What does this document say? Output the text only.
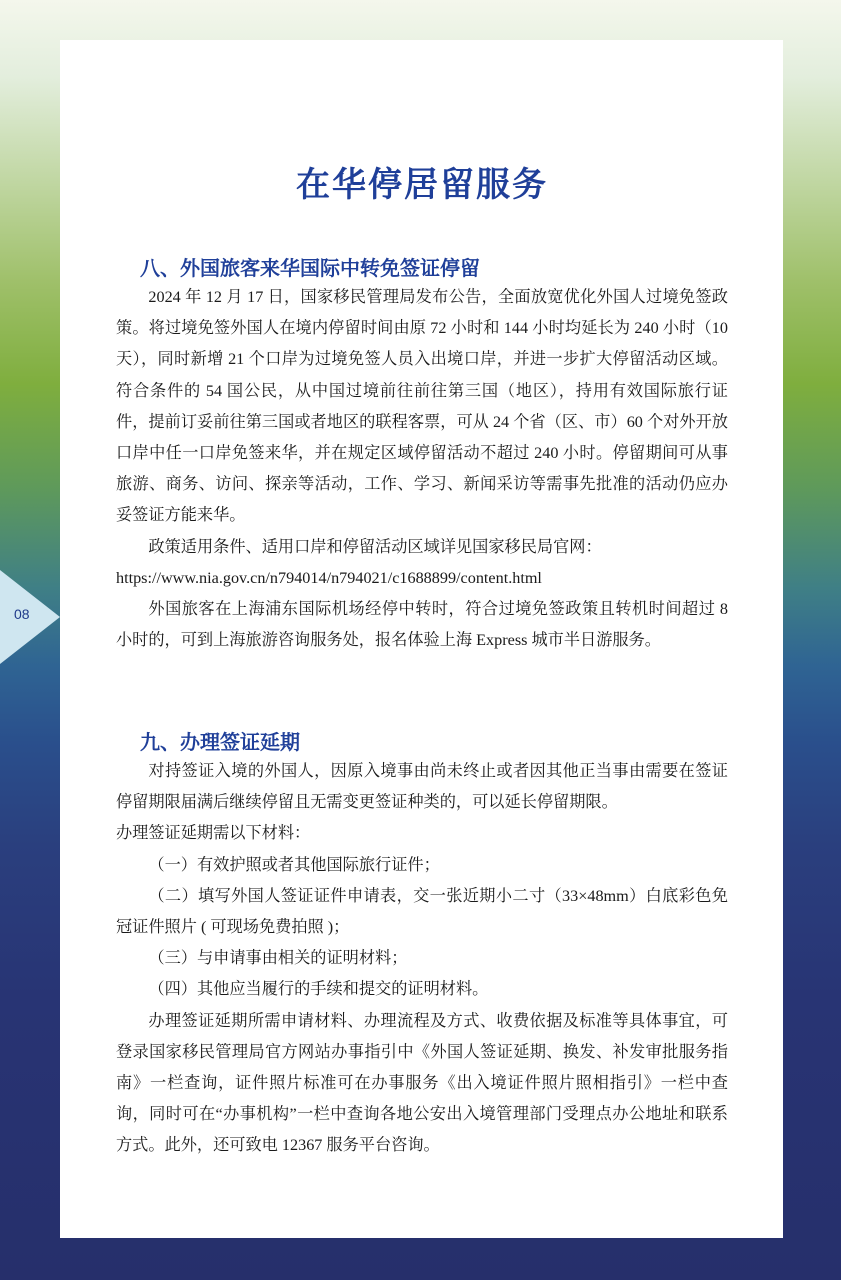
08
在华停居留服务
八、外国旅客来华国际中转免签证停留

2024 年 12 月 17 日，国家移民管理局发布公告，全面放宽优化外国人过境免签政策。将过境免签外国人在境内停留时间由原 72 小时和 144 小时均延长为 240 小时（10 天），同时新增 21 个口岸为过境免签人员入出境口岸，并进一步扩大停留活动区域。符合条件的 54 国公民，从中国过境前往前往第三国（地区），持用有效国际旅行证件，提前订妥前往第三国或者地区的联程客票，可从 24 个省（区、市）60 个对外开放口岸中任一口岸免签来华，并在规定区域停留活动不超过 240 小时。停留期间可从事旅游、商务、访问、探亲等活动，工作、学习、新闻采访等需事先批准的活动仍应办妥签证方能来华。

政策适用条件、适用口岸和停留活动区域详见国家移民局官网：

https://www.nia.gov.cn/n794014/n794021/c1688899/content.html

外国旅客在上海浦东国际机场经停中转时，符合过境免签政策且转机时间超过 8 小时的，可到上海旅游咨询服务处，报名体验上海 Express 城市半日游服务。

九、办理签证延期

对持签证入境的外国人，因原入境事由尚未终止或者因其他正当事由需要在签证停留期限届满后继续停留且无需变更签证种类的，可以延长停留期限。

办理签证延期需以下材料：

（一）有效护照或者其他国际旅行证件；

（二）填写外国人签证证件申请表，交一张近期小二寸（33×48mm）白底彩色免冠证件照片 ( 可现场免费拍照 )；

（三）与申请事由相关的证明材料；

（四）其他应当履行的手续和提交的证明材料。

办理签证延期所需申请材料、办理流程及方式、收费依据及标准等具体事宜，可登录国家移民管理局官方网站办事指引中《外国人签证延期、换发、补发审批服务指南》一栏查询，证件照片标准可在办事服务《出入境证件照片照相指引》一栏中查询，同时可在“办事机构”一栏中查询各地公安出入境管理部门受理点办公地址和联系方式。此外，还可致电 12367 服务平台咨询。
